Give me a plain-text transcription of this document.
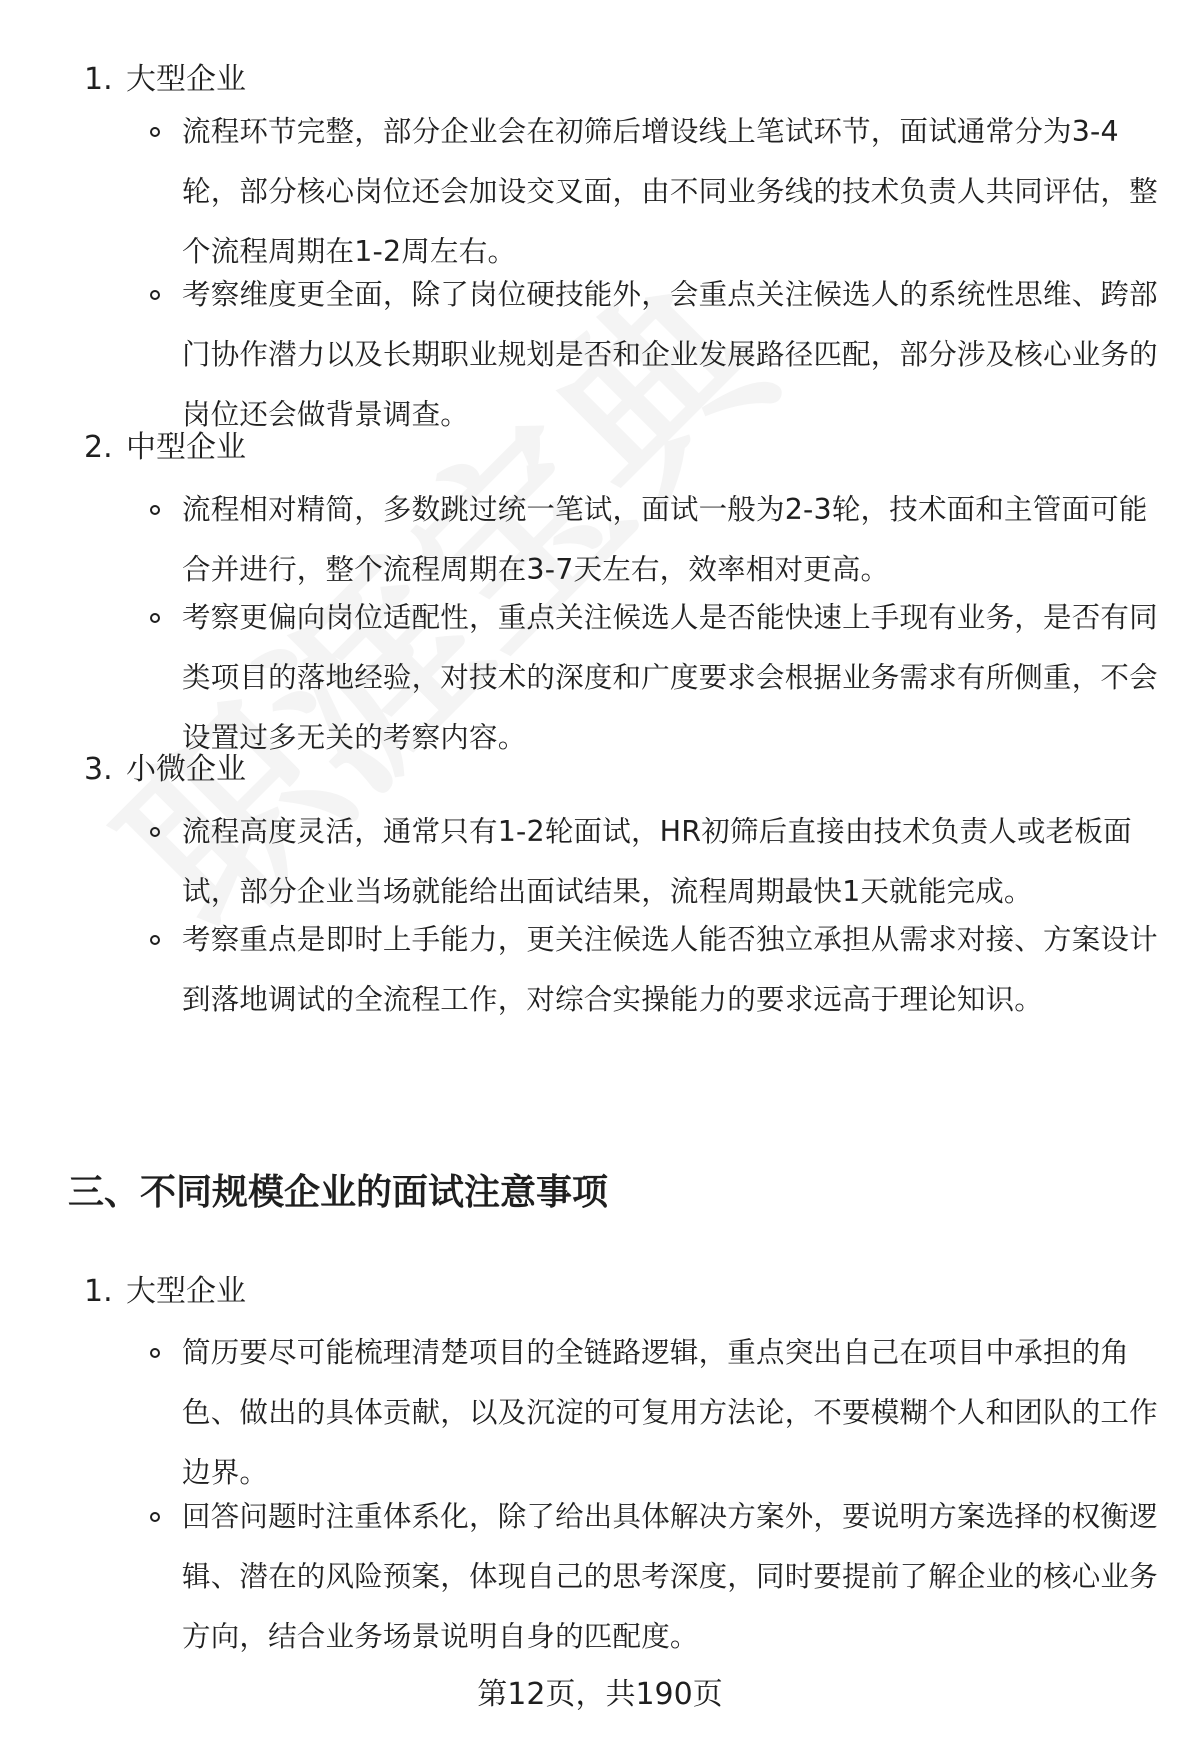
1. 大型企业
流程环节完整，部分企业会在初筛后增设线上笔试环节，面试通常分为3-4轮，部分核心岗位还会加设交叉面，由不同业务线的技术负责人共同评估，整个流程周期在1-2周左右。
考察维度更全面，除了岗位硬技能外，会重点关注候选人的系统性思维、跨部门协作潜力以及长期职业规划是否和企业发展路径匹配，部分涉及核心业务的岗位还会做背景调查。
2. 中型企业
流程相对精简，多数跳过统一笔试，面试一般为2-3轮，技术面和主管面可能合并进行，整个流程周期在3-7天左右，效率相对更高。
考察更偏向岗位适配性，重点关注候选人是否能快速上手现有业务，是否有同类项目的落地经验，对技术的深度和广度要求会根据业务需求有所侧重，不会设置过多无关的考察内容。
3. 小微企业
流程高度灵活，通常只有1-2轮面试，HR初筛后直接由技术负责人或老板面试，部分企业当场就能给出面试结果，流程周期最快1天就能完成。
考察重点是即时上手能力，更关注候选人能否独立承担从需求对接、方案设计到落地调试的全流程工作，对综合实操能力的要求远高于理论知识。
三、不同规模企业的面试注意事项
1. 大型企业
简历要尽可能梳理清楚项目的全链路逻辑，重点突出自己在项目中承担的角色、做出的具体贡献，以及沉淀的可复用方法论，不要模糊个人和团队的工作边界。
回答问题时注重体系化，除了给出具体解决方案外，要说明方案选择的权衡逻辑、潜在的风险预案，体现自己的思考深度，同时要提前了解企业的核心业务方向，结合业务场景说明自身的匹配度。
第12页，共190页
